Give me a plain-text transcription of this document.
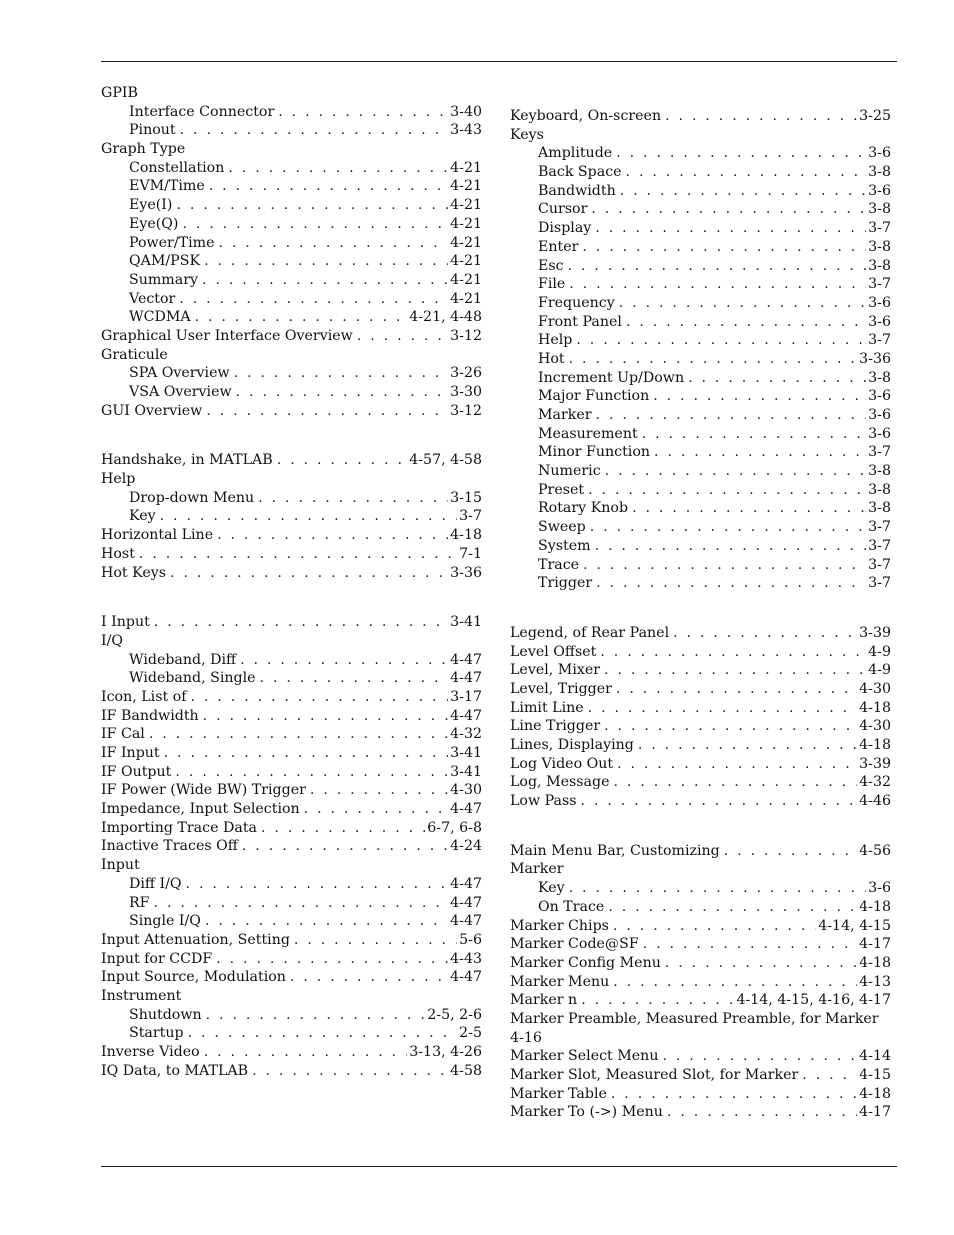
GPIB
Interface Connector . . .	3-40
Pinout . . .	3-43
Graph Type
Constellation . . .	4-21
EVM/Time . . .	4-21
Eye(I) . . .	4-21
Eye(Q) . . .	4-21
Power/Time . . .	4-21
QAM/PSK . . .	4-21
Summary . . .	4-21
Vector . . .	4-21
WCDMA . . .	4-21, 4-48
Graphical User Interface Overview . . .	3-12
Graticule
SPA Overview . . .	3-26
VSA Overview . . .	3-30
GUI Overview . . .	3-12
Handshake, in MATLAB . . .	4-57, 4-58
Help
Drop-down Menu . . .	3-15
Key . . .	3-7
Horizontal Line . . .	4-18
Host . . .	7-1
Hot Keys . . .	3-36
I Input . . .	3-41
I/Q
Wideband, Diff . . .	4-47
Wideband, Single . . .	4-47
Icon, List of . . .	3-17
IF Bandwidth . . .	4-47
IF Cal . . .	4-32
IF Input . . .	3-41
IF Output . . .	3-41
IF Power (Wide BW) Trigger . . .	4-30
Impedance, Input Selection . . .	4-47
Importing Trace Data . . .	6-7, 6-8
Inactive Traces Off . . .	4-24
Input
Diff I/Q . . .	4-47
RF . . .	4-47
Single I/Q . . .	4-47
Input Attenuation, Setting . . .	5-6
Input for CCDF . . .	4-43
Input Source, Modulation . . .	4-47
Instrument
Shutdown . . .	2-5, 2-6
Startup . . .	2-5
Inverse Video . . .	3-13, 4-26
IQ Data, to MATLAB . . .	4-58
Keyboard, On-screen . . .	3-25
Keys
Amplitude . . .	3-6
Back Space . . .	3-8
Bandwidth . . .	3-6
Cursor . . .	3-8
Display . . .	3-7
Enter . . .	3-8
Esc . . .	3-8
File . . .	3-7
Frequency . . .	3-6
Front Panel . . .	3-6
Help . . .	3-7
Hot . . .	3-36
Increment Up/Down . . .	3-8
Major Function . . .	3-6
Marker . . .	3-6
Measurement . . .	3-6
Minor Function . . .	3-7
Numeric . . .	3-8
Preset . . .	3-8
Rotary Knob . . .	3-8
Sweep . . .	3-7
System . . .	3-7
Trace . . .	3-7
Trigger . . .	3-7
Legend, of Rear Panel . . .	3-39
Level Offset . . .	4-9
Level, Mixer . . .	4-9
Level, Trigger . . .	4-30
Limit Line . . .	4-18
Line Trigger . . .	4-30
Lines, Displaying . . .	4-18
Log Video Out . . .	3-39
Log, Message . . .	4-32
Low Pass . . .	4-46
Main Menu Bar, Customizing . . .	4-56
Marker
Key . . .	3-6
On Trace . . .	4-18
Marker Chips . . .	4-14, 4-15
Marker Code@SF . . .	4-17
Marker Config Menu . . .	4-18
Marker Menu . . .	4-13
Marker n . . .	4-14, 4-15, 4-16, 4-17
Marker Preamble, Measured Preamble, for Marker 4-16
Marker Select Menu . . .	4-14
Marker Slot, Measured Slot, for Marker . . .	4-15
Marker Table . . .	4-18
Marker To (->) Menu . . .	4-17
